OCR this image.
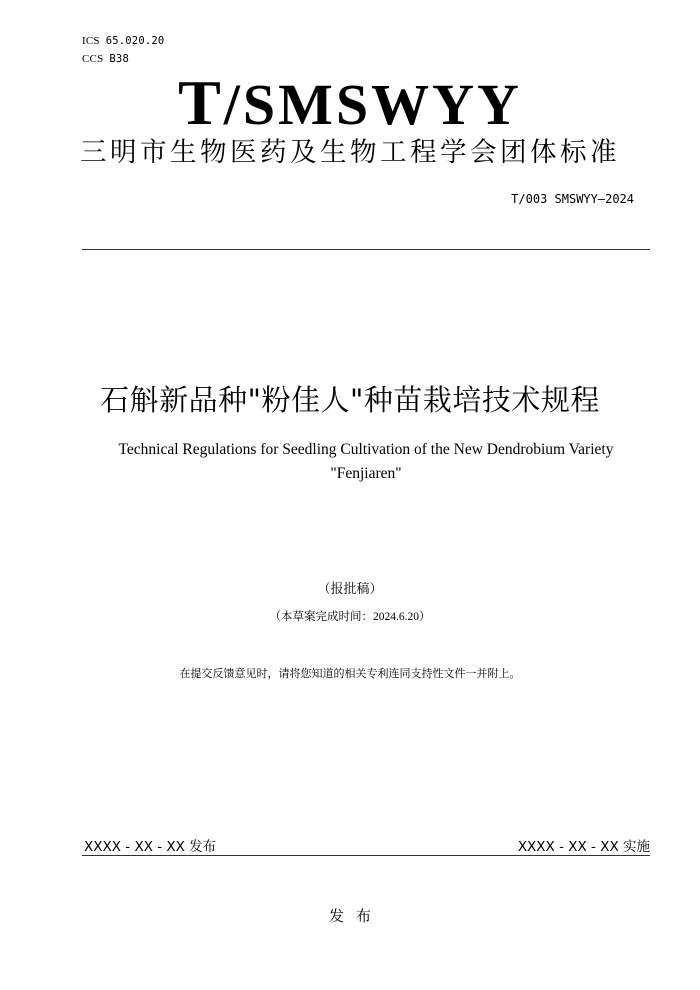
ICS 65.020.20
CCS B38
T/SMSWYY
三明市生物医药及生物工程学会团体标准
T/003 SMSWYY—2024
石斛新品种"粉佳人"种苗栽培技术规程
Technical Regulations for Seedling Cultivation of the New Dendrobium Variety "Fenjiaren"
（报批稿）
（本草案完成时间：2024.6.20）
在提交反馈意见时，请将您知道的相关专利连同支持性文件一并附上。
XXXX - XX - XX 发布	XXXX - XX - XX 实施
发布
